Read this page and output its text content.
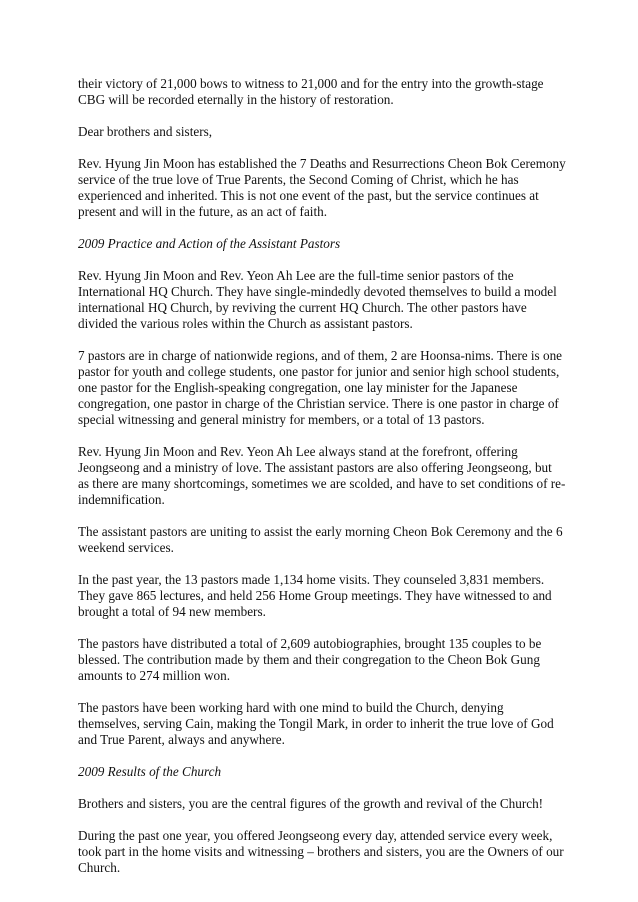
their victory of 21,000 bows to witness to 21,000 and for the entry into the growth-stage CBG will be recorded eternally in the history of restoration.

Dear brothers and sisters,

Rev. Hyung Jin Moon has established the 7 Deaths and Resurrections Cheon Bok Ceremony service of the true love of True Parents, the Second Coming of Christ, which he has experienced and inherited. This is not one event of the past, but the service continues at present and will in the future, as an act of faith.

2009 Practice and Action of the Assistant Pastors

Rev. Hyung Jin Moon and Rev. Yeon Ah Lee are the full-time senior pastors of the International HQ Church. They have single-mindedly devoted themselves to build a model international HQ Church, by reviving the current HQ Church. The other pastors have divided the various roles within the Church as assistant pastors.

7 pastors are in charge of nationwide regions, and of them, 2 are Hoonsa-nims. There is one pastor for youth and college students, one pastor for junior and senior high school students, one pastor for the English-speaking congregation, one lay minister for the Japanese congregation, one pastor in charge of the Christian service. There is one pastor in charge of special witnessing and general ministry for members, or a total of 13 pastors.

Rev. Hyung Jin Moon and Rev. Yeon Ah Lee always stand at the forefront, offering Jeongseong and a ministry of love. The assistant pastors are also offering Jeongseong, but as there are many shortcomings, sometimes we are scolded, and have to set conditions of re-indemnification.

The assistant pastors are uniting to assist the early morning Cheon Bok Ceremony and the 6 weekend services.

In the past year, the 13 pastors made 1,134 home visits. They counseled 3,831 members. They gave 865 lectures, and held 256 Home Group meetings. They have witnessed to and brought a total of 94 new members.

The pastors have distributed a total of 2,609 autobiographies, brought 135 couples to be blessed. The contribution made by them and their congregation to the Cheon Bok Gung amounts to 274 million won.

The pastors have been working hard with one mind to build the Church, denying themselves, serving Cain, making the Tongil Mark, in order to inherit the true love of God and True Parent, always and anywhere.

2009 Results of the Church

Brothers and sisters, you are the central figures of the growth and revival of the Church!

During the past one year, you offered Jeongseong every day, attended service every week, took part in the home visits and witnessing – brothers and sisters, you are the Owners of our Church.
